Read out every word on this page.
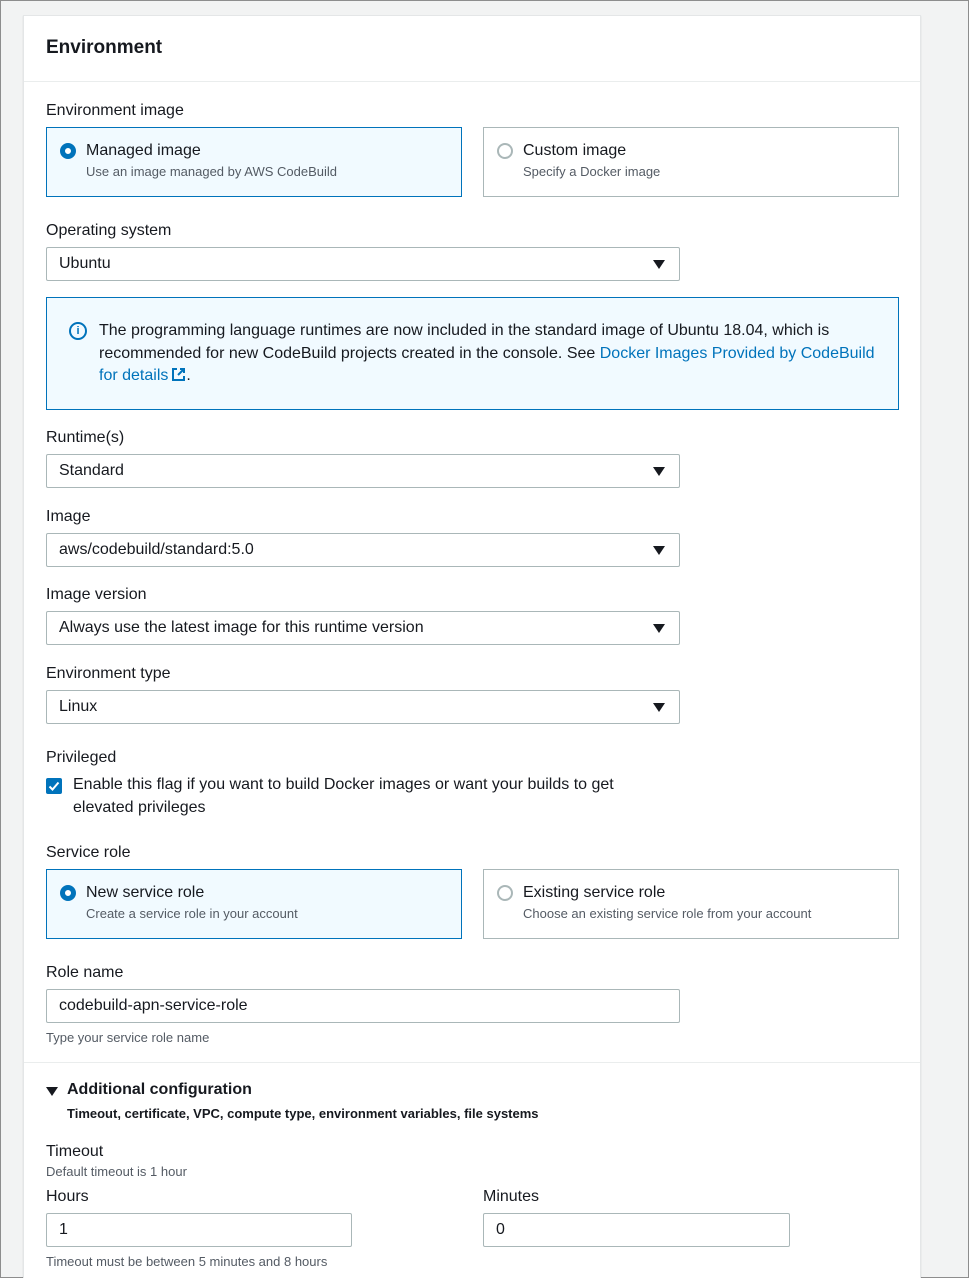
Environment
Environment image
Managed image
Use an image managed by AWS CodeBuild
Custom image
Specify a Docker image
Operating system
Ubuntu
i	The programming language runtimes are now included in the standard image of Ubuntu 18.04, which is recommended for new CodeBuild projects created in the console. See Docker Images Provided by CodeBuild for details .
Runtime(s)
Standard
Image
aws/codebuild/standard:5.0
Image version
Always use the latest image for this runtime version
Environment type
Linux
Privileged
Enable this flag if you want to build Docker images or want your builds to get elevated privileges
Service role
New service role
Create a service role in your account
Existing service role
Choose an existing service role from your account
Role name
codebuild-apn-service-role
Type your service role name
Additional configuration
Timeout, certificate, VPC, compute type, environment variables, file systems
Timeout
Default timeout is 1 hour
Hours
1
Minutes
0
Timeout must be between 5 minutes and 8 hours
